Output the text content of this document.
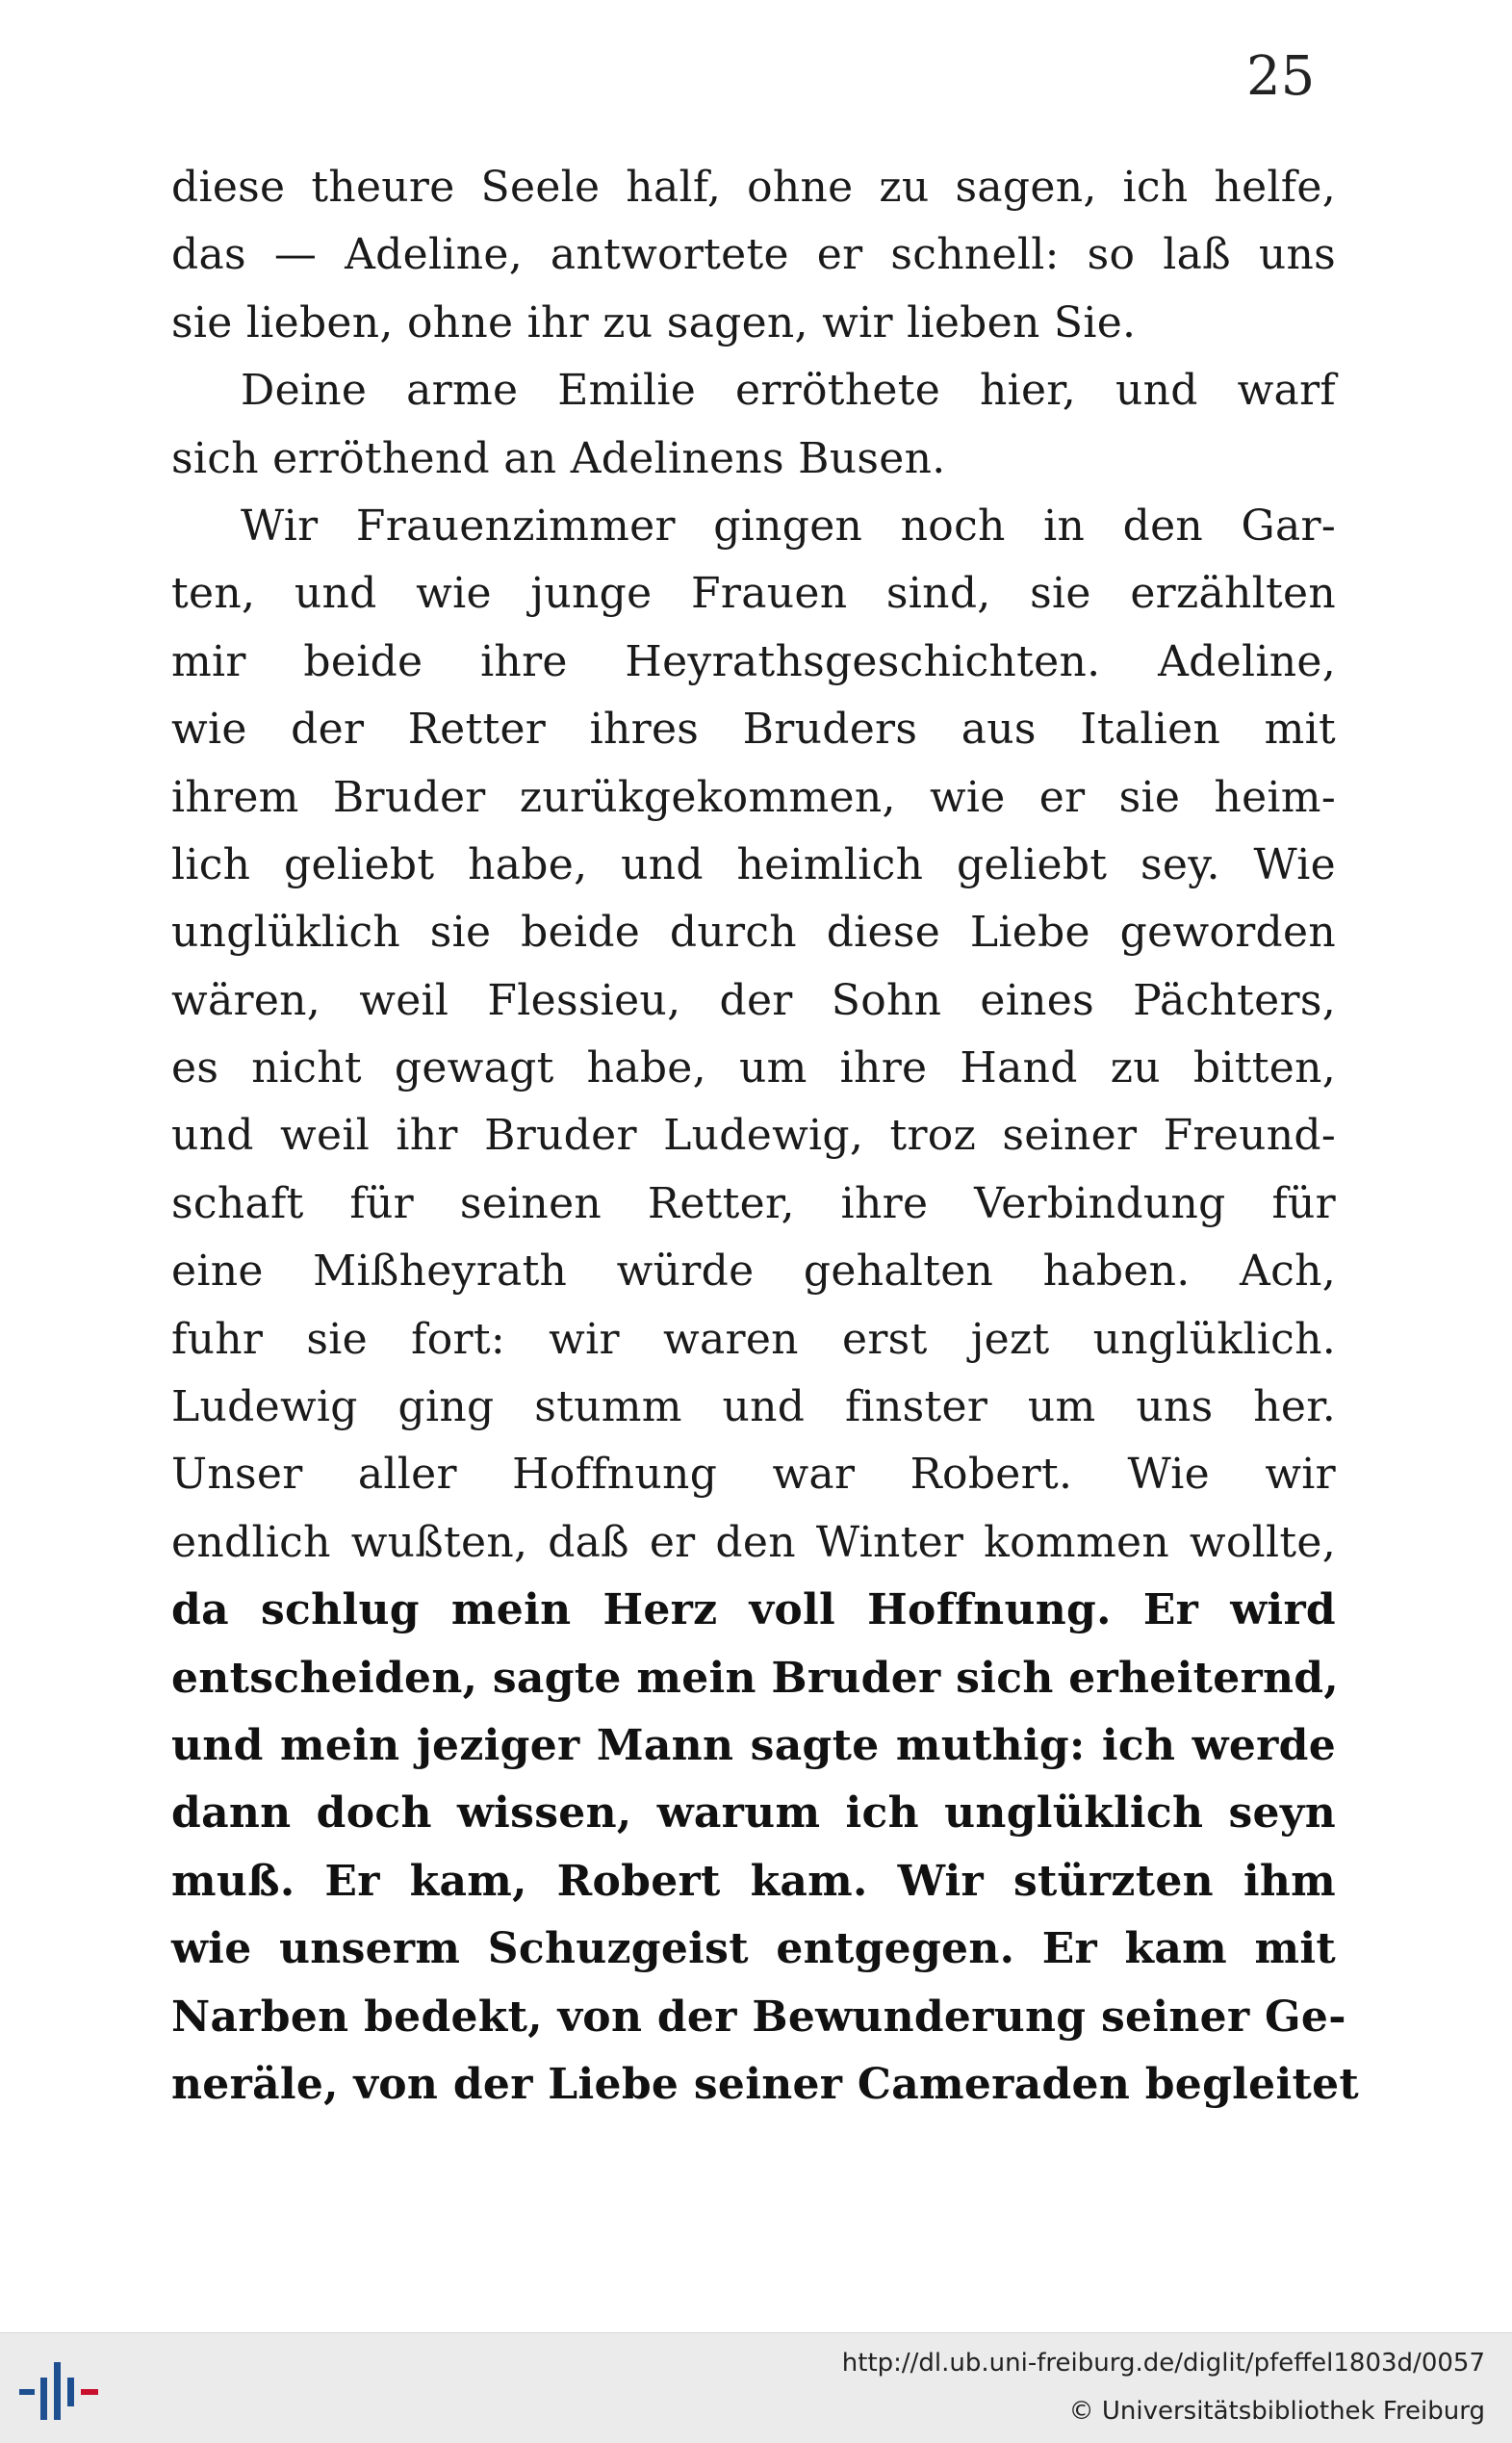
25
diese theure Seele half, ohne zu sagen, ich helfe,
das — Adeline, antwortete er schnell: so laß uns
sie lieben, ohne ihr zu sagen, wir lieben Sie.
Deine arme Emilie erröthete hier, und warf
sich erröthend an Adelinens Busen.
Wir Frauenzimmer gingen noch in den Gar-
ten, und wie junge Frauen sind, sie erzählten
mir beide ihre Heyrathsgeschichten. Adeline,
wie der Retter ihres Bruders aus Italien mit
ihrem Bruder zurükgekommen, wie er sie heim-
lich geliebt habe, und heimlich geliebt sey. Wie
unglüklich sie beide durch diese Liebe geworden
wären, weil Flessieu, der Sohn eines Pächters,
es nicht gewagt habe, um ihre Hand zu bitten,
und weil ihr Bruder Ludewig, troz seiner Freund-
schaft für seinen Retter, ihre Verbindung für
eine Mißheyrath würde gehalten haben. Ach,
fuhr sie fort: wir waren erst jezt unglüklich.
Ludewig ging stumm und finster um uns her.
Unser aller Hoffnung war Robert. Wie wir
endlich wußten, daß er den Winter kommen wollte,
da schlug mein Herz voll Hoffnung. Er wird
entscheiden, sagte mein Bruder sich erheiternd,
und mein jeziger Mann sagte muthig: ich werde
dann doch wissen, warum ich unglüklich seyn
muß. Er kam, Robert kam. Wir stürzten ihm
wie unserm Schuzgeist entgegen. Er kam mit
Narben bedekt, von der Bewunderung seiner Ge-
neräle, von der Liebe seiner Cameraden begleitet
http://dl.ub.uni-freiburg.de/diglit/pfeffel1803d/0057
© Universitätsbibliothek Freiburg
